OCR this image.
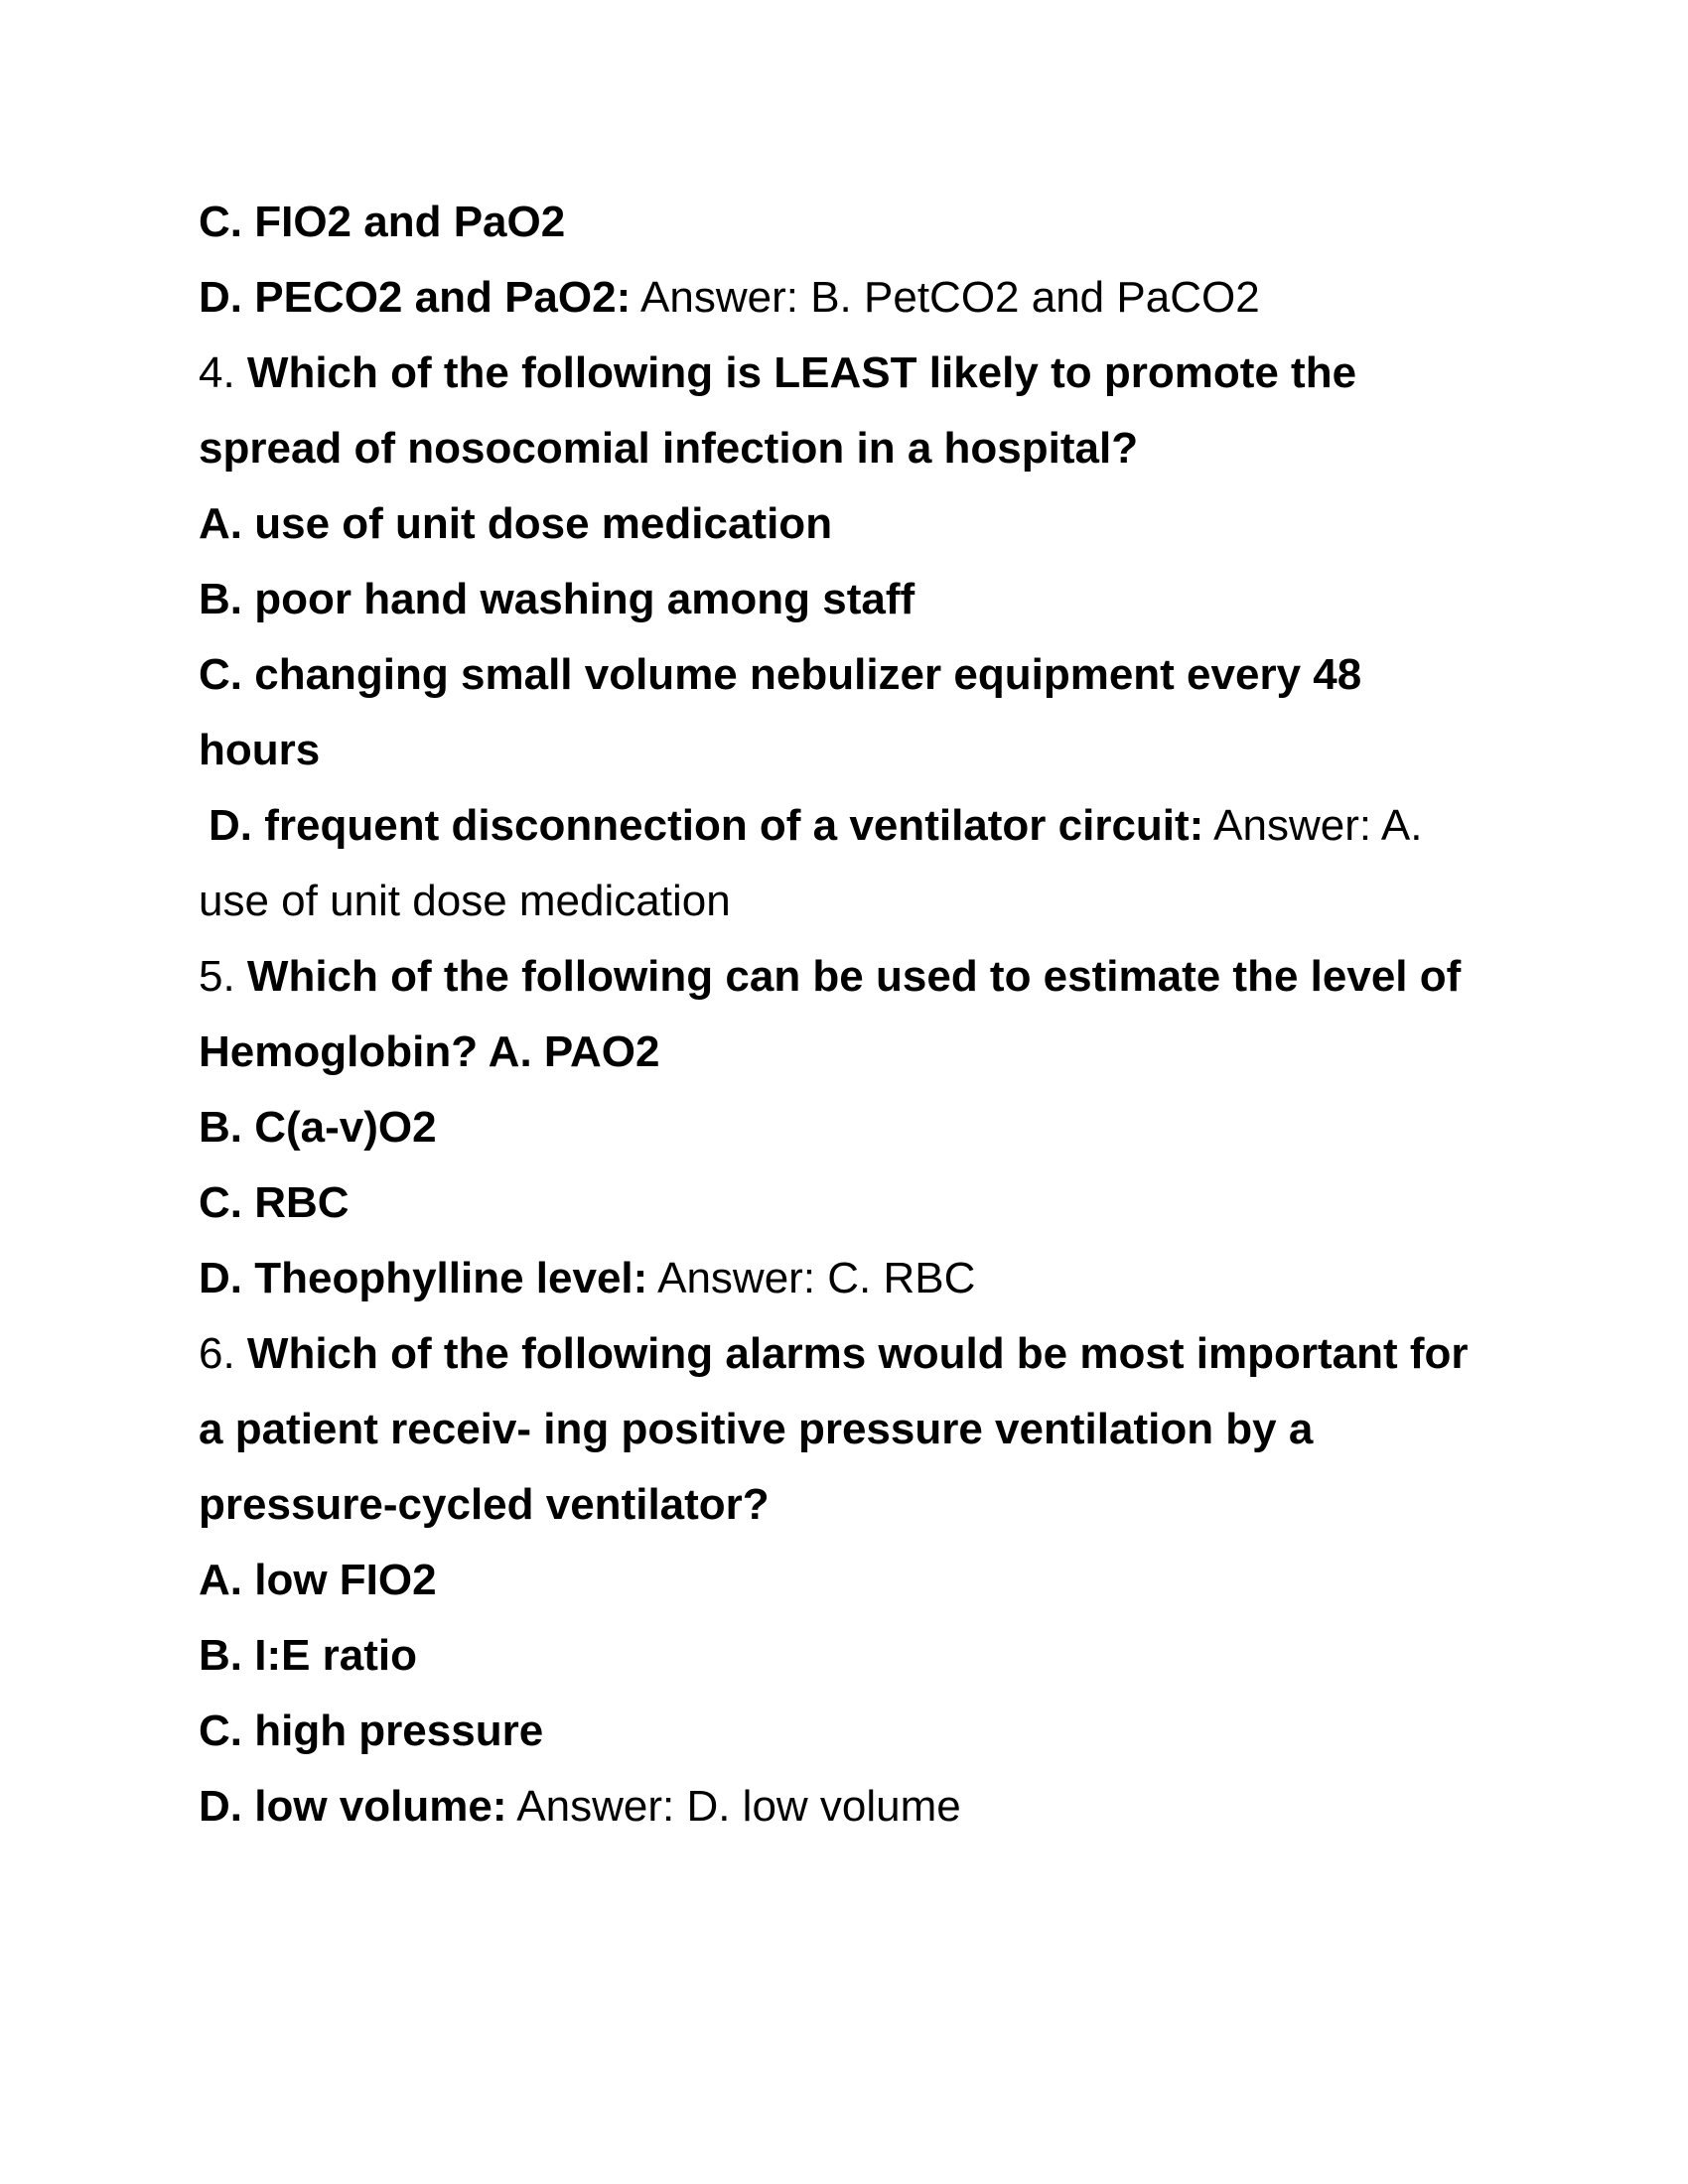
C. FIO2 and PaO2
D. PECO2 and PaO2: Answer: B. PetCO2 and PaCO2
4. Which of the following is LEAST likely to promote the
spread of nosocomial infection in a hospital?
A. use of unit dose medication
B. poor hand washing among staff
C. changing small volume nebulizer equipment every 48
hours
D. frequent disconnection of a ventilator circuit: Answer: A.
use of unit dose medication
5. Which of the following can be used to estimate the level of
Hemoglobin? A. PAO2
B. C(a-v)O2
C. RBC
D. Theophylline level: Answer: C. RBC
6. Which of the following alarms would be most important for
a patient receiv- ing positive pressure ventilation by a
pressure-cycled ventilator?
A. low FIO2
B. I:E ratio
C. high pressure
D. low volume: Answer: D. low volume
